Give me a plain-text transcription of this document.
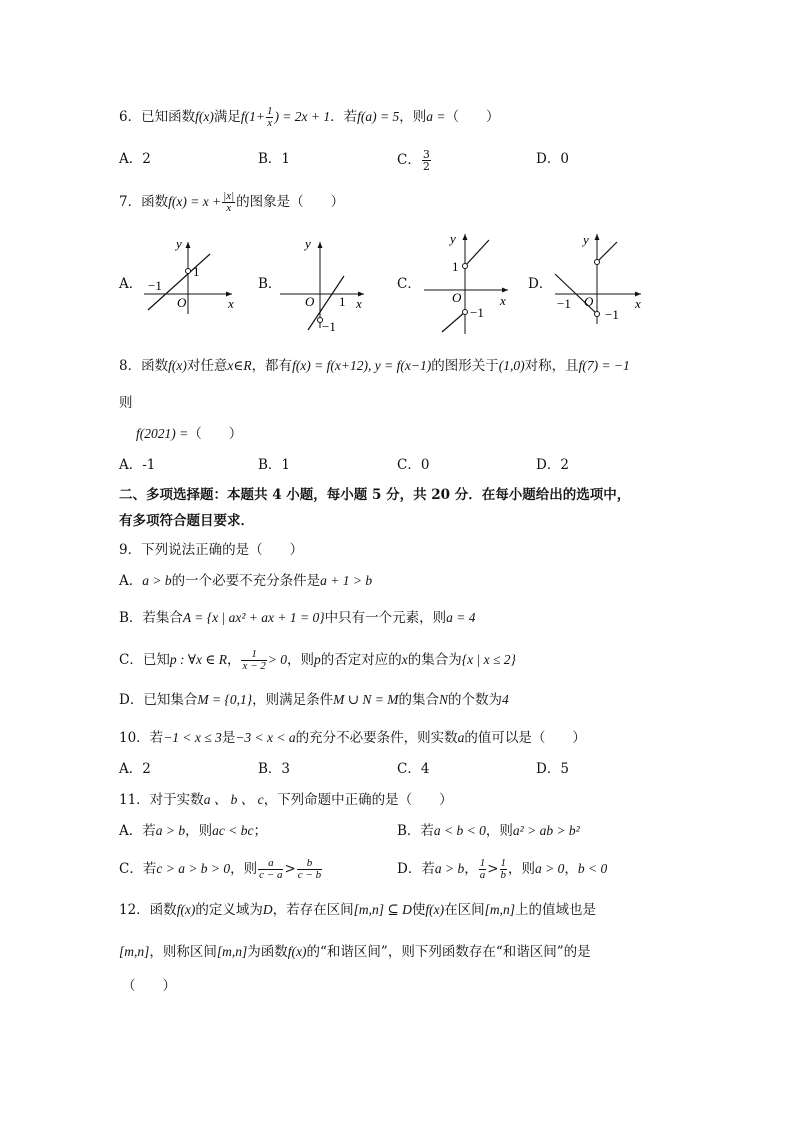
6．已知函数f(x)满足$f(1+ \frac{1}{x}$ ) = 2x + 1．若f(a) = 5，则a =（　　）
A．2	B．1	C． $\frac{3}{2}$	D．0
7．函数$f(x) = x + \frac{|x|}{x}$ 的图象是（　　）
A．	B．	C．	D．
y
x
O
1
−1
y
x
O 1
−1
y
x
O
1
−1
y
x
O
−1
−1
8．函数f(x)对任意x∈R，都有f(x) = f(x+12), y = f(x−1)的图形关于(1,0)对称，且f(7) = −1
则
f(2021) =（　　）
A．-1	B．1	C．0	D．2
二、多项选择题：本题共 4 小题，每小题 5 分，共 20 分．在每小题给出的选项中，
有多项符合题目要求．
9．下列说法正确的是（　　）
A．a > b的一个必要不充分条件是a + 1 > b
B．若集合A = {x | ax² + ax + 1 = 0}中只有一个元素，则a = 4
C．已知p : ∀x ∈ R， $\frac{1}{x - 2} > 0$，则p的否定对应的x的集合为{x | x ≤ 2}
D．已知集合M = {0,1}，则满足条件M ∪ N = M的集合N的个数为4
10．若−1 < x ≤ 3是−3 < x < a的充分不必要条件，则实数a的值可以是（　　）
A．2	B．3	C．4	D．5
11．对于实数a 、 b 、 c，下列命题中正确的是（　　）
A．若a > b，则ac < bc；	B．若a < b < 0，则a² > ab > b²
C．若c > a > b > 0，则 $\frac{a}{c - a} > \frac{b}{c - b}$	D．若a > b， $\frac{1}{a} > \frac{1}{b}$ ，则a > 0，b < 0
12．函数f(x)的定义域为D，若存在区间[m,n] ⊆ D使f(x)在区间[m,n]上的值域也是
[m,n]，则称区间[m,n]为函数f(x)的“和谐区间”，则下列函数存在“和谐区间”的是
（　　）
